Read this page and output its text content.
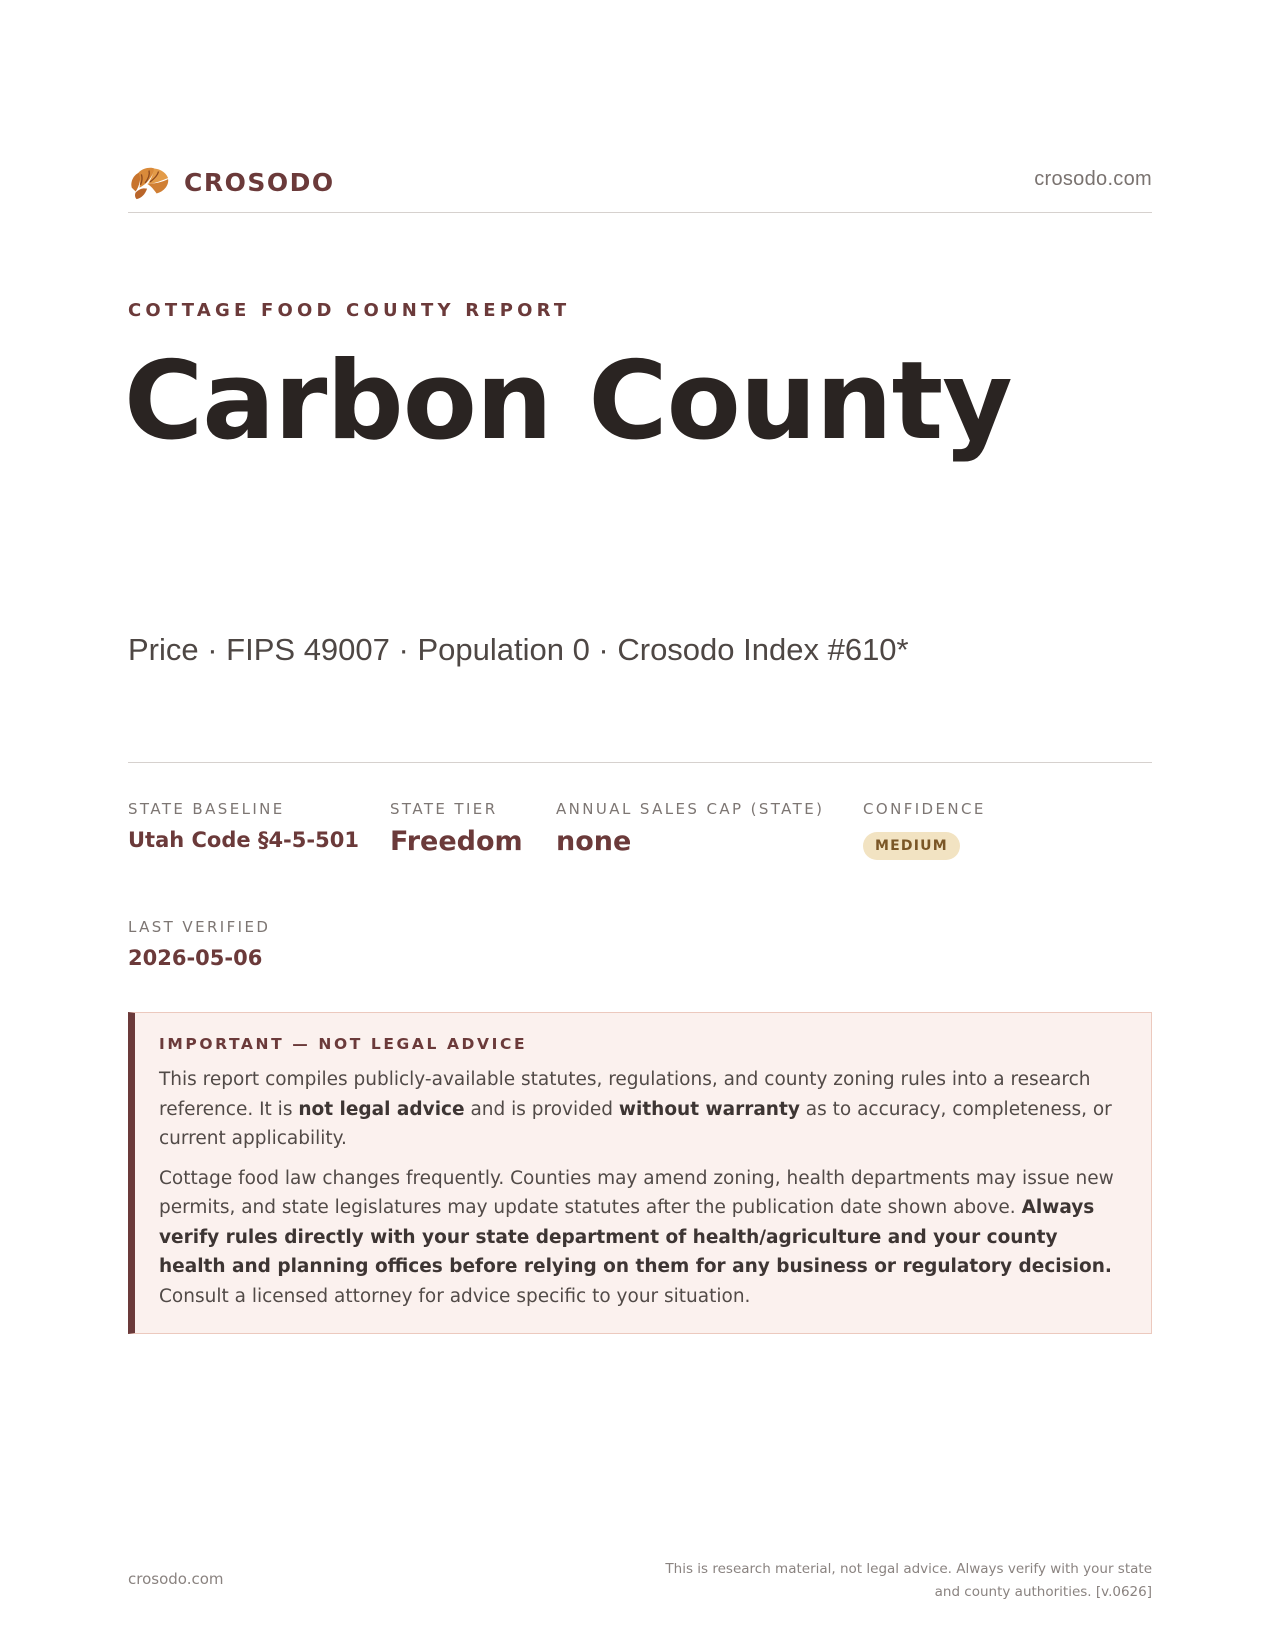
CROSODO	crosodo.com
COTTAGE FOOD COUNTY REPORT
Carbon County
Price · FIPS 49007 · Population 0 · Crosodo Index #610*
STATE BASELINE
Utah Code §4-5-501
STATE TIER
Freedom
ANNUAL SALES CAP (STATE)
none
CONFIDENCE
MEDIUM
LAST VERIFIED
2026-05-06
IMPORTANT — NOT LEGAL ADVICE

This report compiles publicly-available statutes, regulations, and county zoning rules into a research reference. It is not legal advice and is provided without warranty as to accuracy, completeness, or current applicability.

Cottage food law changes frequently. Counties may amend zoning, health departments may issue new permits, and state legislatures may update statutes after the publication date shown above. Always verify rules directly with your state department of health/agriculture and your county health and planning offices before relying on them for any business or regulatory decision. Consult a licensed attorney for advice specific to your situation.

crosodo.com
This is research material, not legal advice. Always verify with your state
and county authorities. [v.0626]
